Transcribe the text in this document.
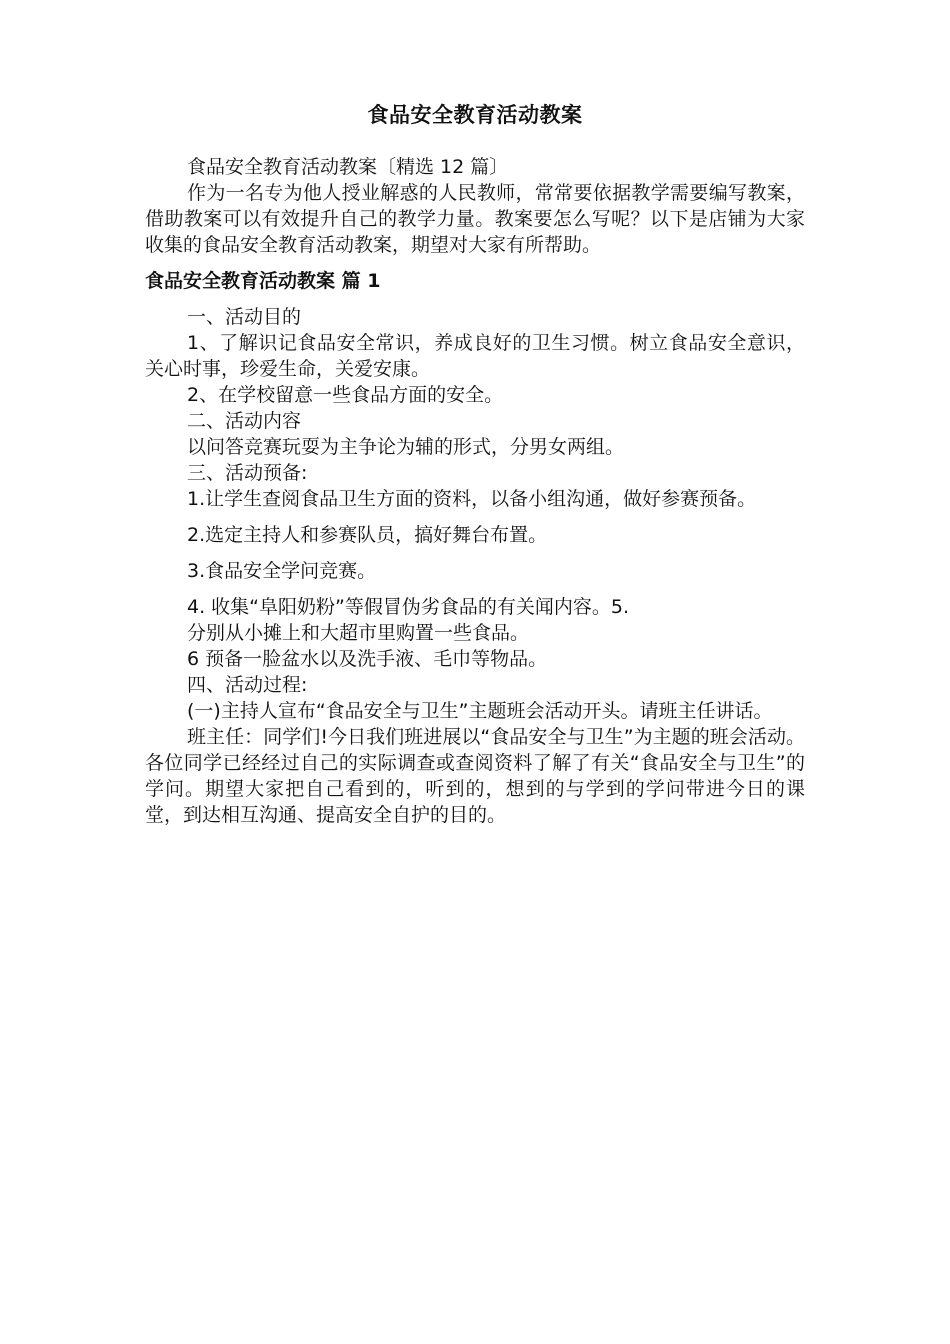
食品安全教育活动教案

食品安全教育活动教案〔精选 12 篇〕

作为一名专为他人授业解惑的人民教师，常常要依据教学需要编写教案，借助教案可以有效提升自己的教学力量。教案要怎么写呢？以下是店铺为大家收集的食品安全教育活动教案，期望对大家有所帮助。

食品安全教育活动教案 篇 1

一、活动目的

1、了解识记食品安全常识，养成良好的卫生习惯。树立食品安全意识，关心时事，珍爱生命，关爱安康。

2、在学校留意一些食品方面的安全。

二、活动内容

以问答竞赛玩耍为主争论为辅的形式，分男女两组。

三、活动预备:

1.让学生查阅食品卫生方面的资料，以备小组沟通，做好参赛预备。

2.选定主持人和参赛队员，搞好舞台布置。

3.食品安全学问竞赛。

4. 收集“阜阳奶粉”等假冒伪劣食品的有关闻内容。5.

分别从小摊上和大超市里购置一些食品。

6 预备一脸盆水以及洗手液、毛巾等物品。

四、活动过程:

(一)主持人宣布“食品安全与卫生”主题班会活动开头。请班主任讲话。

班主任：同学们!今日我们班进展以“食品安全与卫生”为主题的班会活动。各位同学已经经过自己的实际调查或查阅资料了解了有关“食品安全与卫生”的学问。期望大家把自己看到的，听到的，想到的与学到的学问带进今日的课堂，到达相互沟通、提高安全自护的目的。
